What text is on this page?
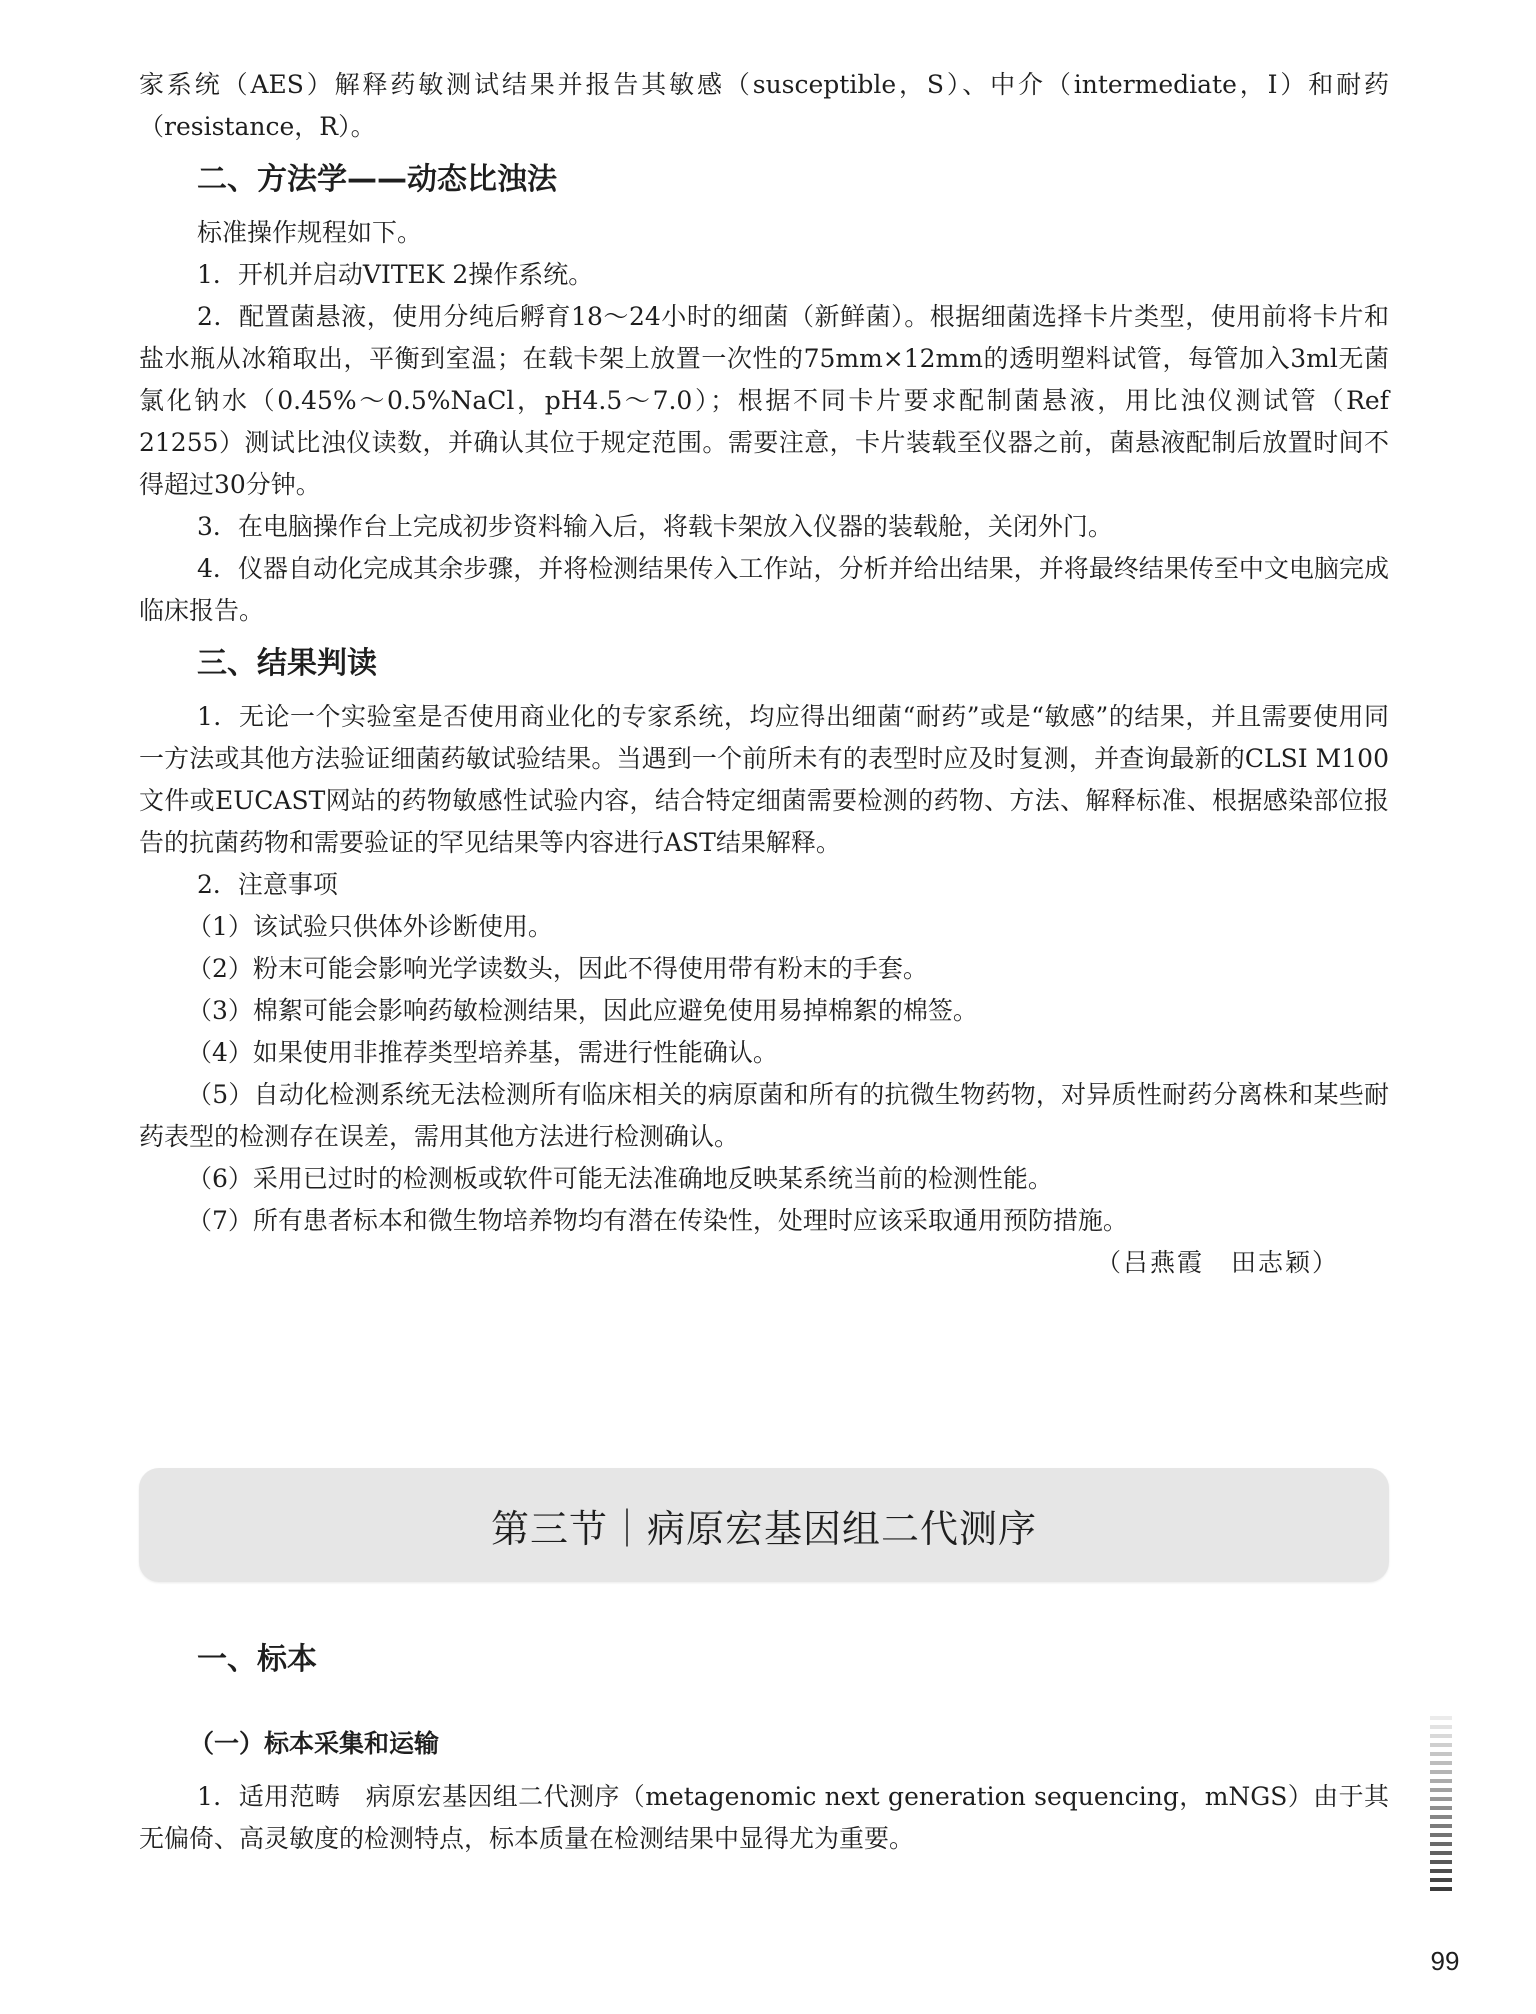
家系统（AES）解释药敏测试结果并报告其敏感（susceptible，S）、中介（intermediate，I）和耐药（resistance，R）。

二、方法学——动态比浊法

标准操作规程如下。

1．开机并启动VITEK 2操作系统。

2．配置菌悬液，使用分纯后孵育18～24小时的细菌（新鲜菌）。根据细菌选择卡片类型，使用前将卡片和盐水瓶从冰箱取出，平衡到室温；在载卡架上放置一次性的75mm×12mm的透明塑料试管，每管加入3ml无菌氯化钠水（0.45%～0.5%NaCl，pH4.5～7.0）；根据不同卡片要求配制菌悬液，用比浊仪测试管（Ref 21255）测试比浊仪读数，并确认其位于规定范围。需要注意，卡片装载至仪器之前，菌悬液配制后放置时间不得超过30分钟。

3．在电脑操作台上完成初步资料输入后，将载卡架放入仪器的装载舱，关闭外门。

4．仪器自动化完成其余步骤，并将检测结果传入工作站，分析并给出结果，并将最终结果传至中文电脑完成临床报告。

三、结果判读

1．无论一个实验室是否使用商业化的专家系统，均应得出细菌“耐药”或是“敏感”的结果，并且需要使用同一方法或其他方法验证细菌药敏试验结果。当遇到一个前所未有的表型时应及时复测，并查询最新的CLSI M100文件或EUCAST网站的药物敏感性试验内容，结合特定细菌需要检测的药物、方法、解释标准、根据感染部位报告的抗菌药物和需要验证的罕见结果等内容进行AST结果解释。

2．注意事项

（1）该试验只供体外诊断使用。

（2）粉末可能会影响光学读数头，因此不得使用带有粉末的手套。

（3）棉絮可能会影响药敏检测结果，因此应避免使用易掉棉絮的棉签。

（4）如果使用非推荐类型培养基，需进行性能确认。

（5）自动化检测系统无法检测所有临床相关的病原菌和所有的抗微生物药物，对异质性耐药分离株和某些耐药表型的检测存在误差，需用其他方法进行检测确认。

（6）采用已过时的检测板或软件可能无法准确地反映某系统当前的检测性能。

（7）所有患者标本和微生物培养物均有潜在传染性，处理时应该采取通用预防措施。

（吕燕霞　田志颖）

第三节｜病原宏基因组二代测序
一、标本
（一）标本采集和运输

1．适用范畴　病原宏基因组二代测序（metagenomic next generation sequencing，mNGS）由于其无偏倚、高灵敏度的检测特点，标本质量在检测结果中显得尤为重要。

99
